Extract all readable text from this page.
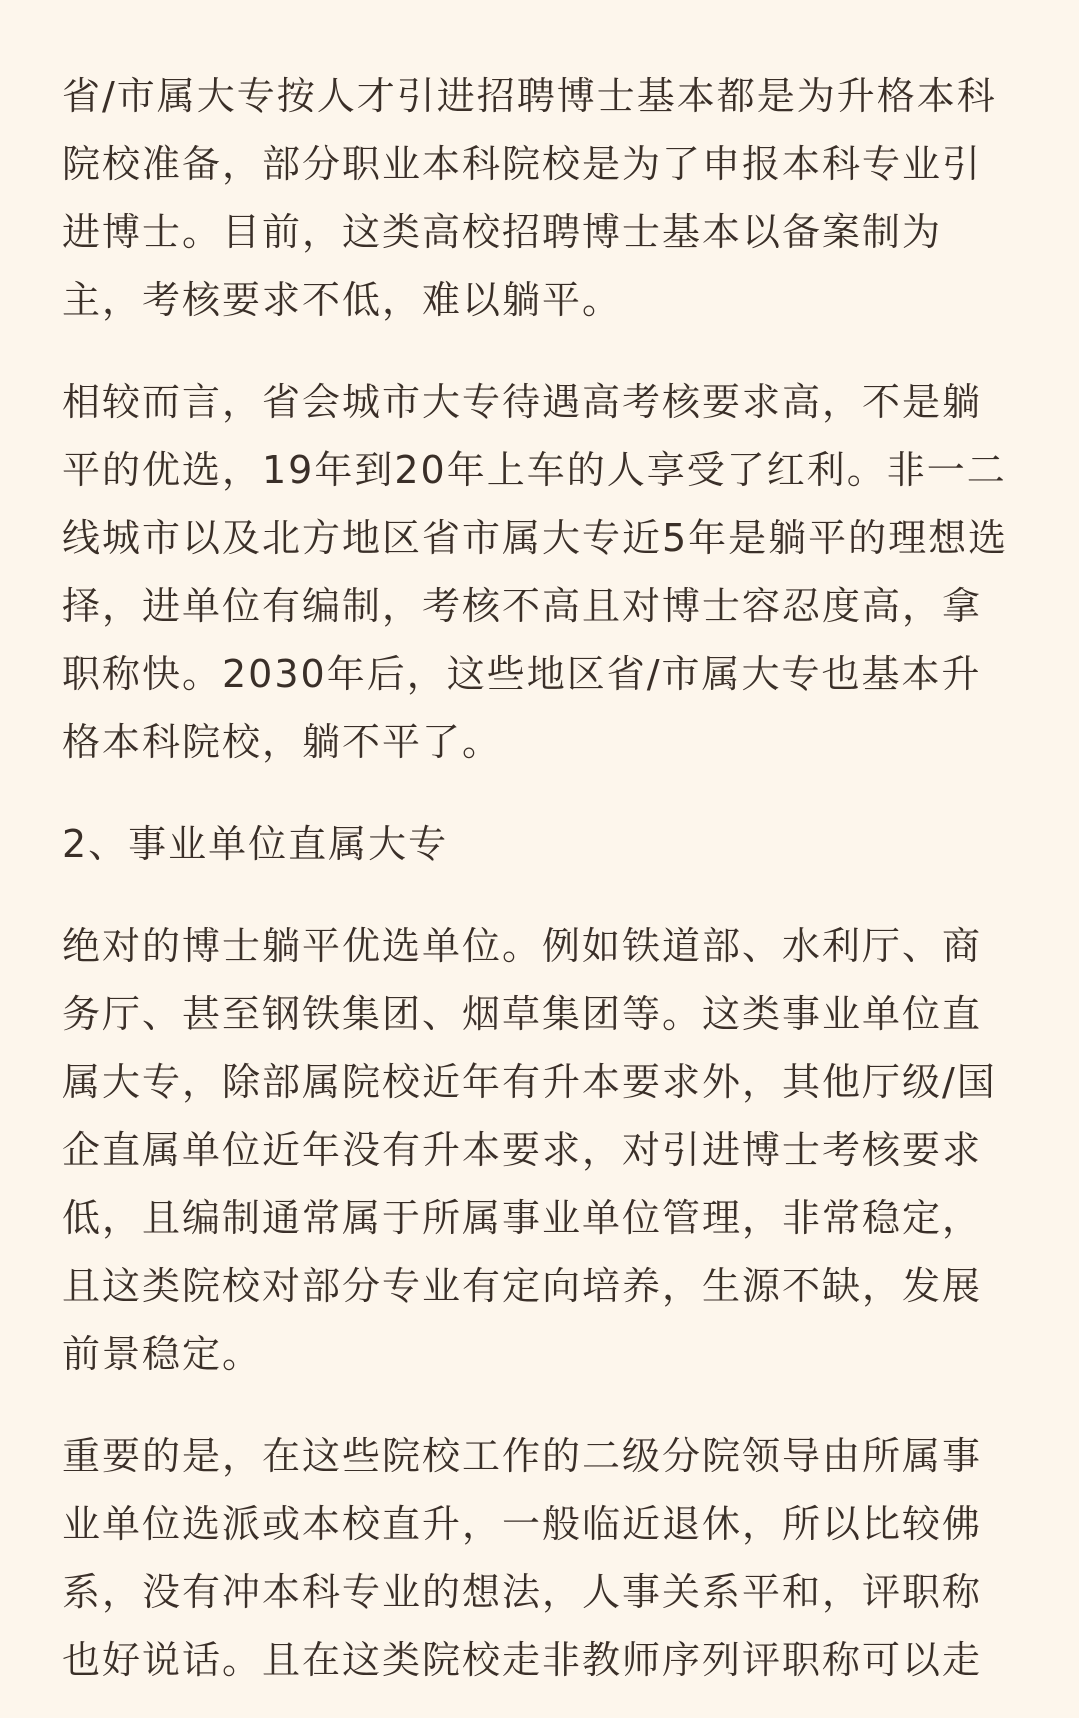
省/市属大专按人才引进招聘博士基本都是为升格本科
院校准备，部分职业本科院校是为了申报本科专业引
进博士。目前，这类高校招聘博士基本以备案制为
主，考核要求不低，难以躺平。
相较而言，省会城市大专待遇高考核要求高，不是躺
平的优选，19年到20年上车的人享受了红利。非一二
线城市以及北方地区省市属大专近5年是躺平的理想选
择，进单位有编制，考核不高且对博士容忍度高，拿
职称快。2030年后，这些地区省/市属大专也基本升
格本科院校，躺不平了。
2、事业单位直属大专
绝对的博士躺平优选单位。例如铁道部、水利厅、商
务厅、甚至钢铁集团、烟草集团等。这类事业单位直
属大专，除部属院校近年有升本要求外，其他厅级/国
企直属单位近年没有升本要求，对引进博士考核要求
低，且编制通常属于所属事业单位管理，非常稳定，
且这类院校对部分专业有定向培养，生源不缺，发展
前景稳定。
重要的是，在这些院校工作的二级分院领导由所属事
业单位选派或本校直升，一般临近退休，所以比较佛
系，没有冲本科专业的想法，人事关系平和，评职称
也好说话。且在这类院校走非教师序列评职称可以走
